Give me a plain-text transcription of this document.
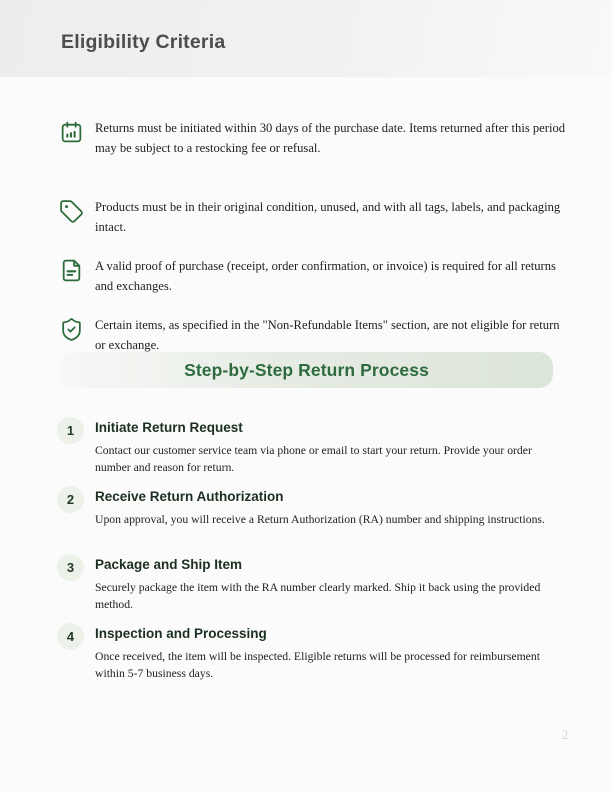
Eligibility Criteria
Returns must be initiated within 30 days of the purchase date. Items returned after this period may be subject to a restocking fee or refusal.
Products must be in their original condition, unused, and with all tags, labels, and packaging intact.
A valid proof of purchase (receipt, order confirmation, or invoice) is required for all returns and exchanges.
Certain items, as specified in the "Non-Refundable Items" section, are not eligible for return or exchange.
Step-by-Step Return Process
1	Initiate Return Request
Contact our customer service team via phone or email to start your return. Provide your order number and reason for return.
2	Receive Return Authorization
Upon approval, you will receive a Return Authorization (RA) number and shipping instructions.
3	Package and Ship Item
Securely package the item with the RA number clearly marked. Ship it back using the provided method.
4	Inspection and Processing
Once received, the item will be inspected. Eligible returns will be processed for reimbursement within 5-7 business days.
2
